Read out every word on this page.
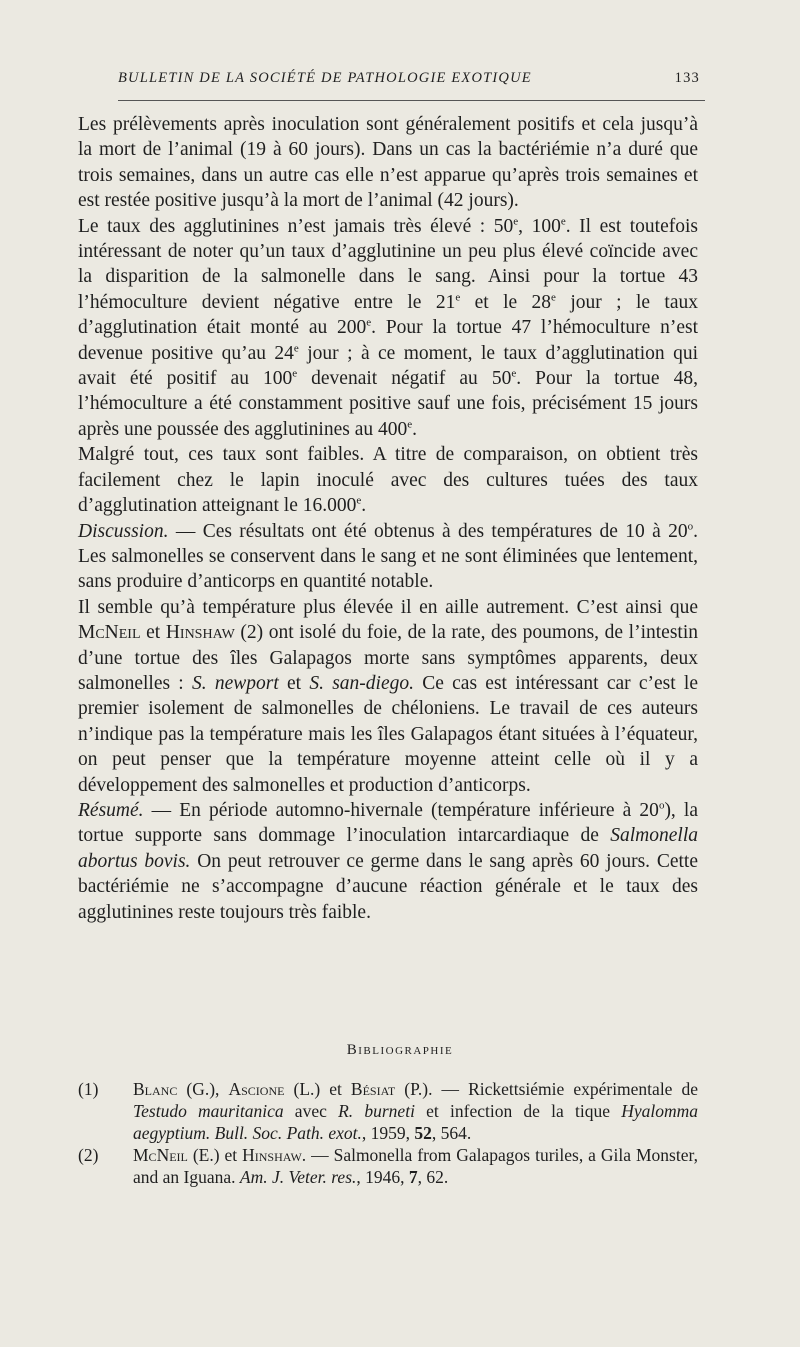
BULLETIN DE LA SOCIÉTÉ DE PATHOLOGIE EXOTIQUE	133

Les prélèvements après inoculation sont généralement positifs et cela jusqu’à la mort de l’animal (19 à 60 jours). Dans un cas la bactériémie n’a duré que trois semaines, dans un autre cas elle n’est apparue qu’après trois semaines et est restée positive jusqu’à la mort de l’animal (42 jours).

Le taux des agglutinines n’est jamais très élevé : 50e, 100e. Il est toutefois intéressant de noter qu’un taux d’agglutinine un peu plus élevé coïncide avec la disparition de la salmonelle dans le sang. Ainsi pour la tortue 43 l’hémoculture devient négative entre le 21e et le 28e jour ; le taux d’agglutination était monté au 200e. Pour la tortue 47 l’hémoculture n’est devenue positive qu’au 24e jour ; à ce moment, le taux d’agglutination qui avait été positif au 100e devenait négatif au 50e. Pour la tortue 48, l’hémoculture a été constamment positive sauf une fois, précisément 15 jours après une poussée des agglutinines au 400e.

Malgré tout, ces taux sont faibles. A titre de comparaison, on obtient très facilement chez le lapin inoculé avec des cultures tuées des taux d’agglutination atteignant le 16.000e.

Discussion. — Ces résultats ont été obtenus à des températures de 10 à 20$^o$. Les salmonelles se conservent dans le sang et ne sont éliminées que lentement, sans produire d’anticorps en quantité notable.

Il semble qu’à température plus élevée il en aille autrement. C’est ainsi que McNeil et Hinshaw (2) ont isolé du foie, de la rate, des poumons, de l’intestin d’une tortue des îles Galapagos morte sans symptômes apparents, deux salmonelles : S. newport et S. san-diego. Ce cas est intéressant car c’est le premier isolement de salmonelles de chéloniens. Le travail de ces auteurs n’indique pas la température mais les îles Galapagos étant situées à l’équateur, on peut penser que la température moyenne atteint celle où il y a développement des salmonelles et production d’anticorps.

Résumé. — En période automno-hivernale (température inférieure à 20$^o$), la tortue supporte sans dommage l’inoculation intarcardiaque de Salmonella abortus bovis. On peut retrouver ce germe dans le sang après 60 jours. Cette bactériémie ne s’accompagne d’aucune réaction générale et le taux des agglutinines reste toujours très faible.

Bibliographie
(1)	Blanc (G.), Ascione (L.) et Bésiat (P.). — Rickettsiémie expérimentale de Testudo mauritanica avec R. burneti et infection de la tique Hyalomma aegyptium. Bull. Soc. Path. exot., 1959, 52, 564.
(2)	McNeil (E.) et Hinshaw. — Salmonella from Galapagos turiles, a Gila Monster, and an Iguana. Am. J. Veter. res., 1946, 7, 62.
